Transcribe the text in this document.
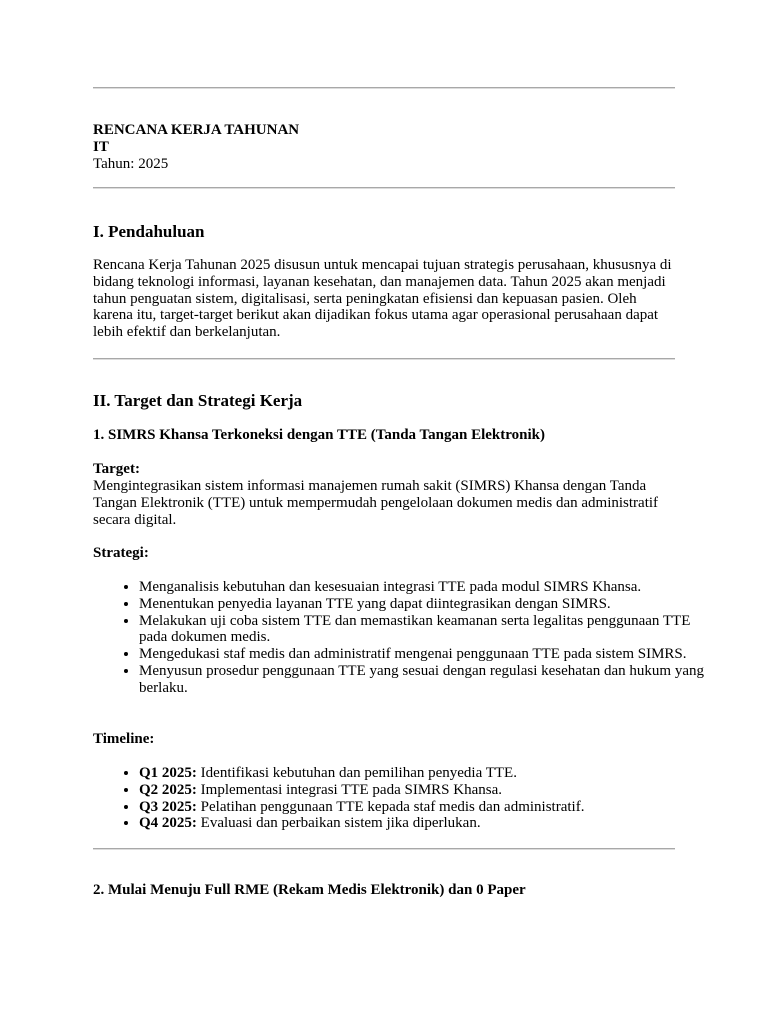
RENCANA KERJA TAHUNAN
IT
Tahun: 2025
I. Pendahuluan

Rencana Kerja Tahunan 2025 disusun untuk mencapai tujuan strategis perusahaan, khususnya di bidang teknologi informasi, layanan kesehatan, dan manajemen data. Tahun 2025 akan menjadi tahun penguatan sistem, digitalisasi, serta peningkatan efisiensi dan kepuasan pasien. Oleh karena itu, target-target berikut akan dijadikan fokus utama agar operasional perusahaan dapat lebih efektif dan berkelanjutan.

II. Target dan Strategi Kerja
1. SIMRS Khansa Terkoneksi dengan TTE (Tanda Tangan Elektronik)
Target:

Mengintegrasikan sistem informasi manajemen rumah sakit (SIMRS) Khansa dengan Tanda Tangan Elektronik (TTE) untuk mempermudah pengelolaan dokumen medis dan administratif secara digital.

Strategi:
• Menganalisis kebutuhan dan kesesuaian integrasi TTE pada modul SIMRS Khansa.
• Menentukan penyedia layanan TTE yang dapat diintegrasikan dengan SIMRS.
• Melakukan uji coba sistem TTE dan memastikan keamanan serta legalitas penggunaan TTE pada dokumen medis.
• Mengedukasi staf medis dan administratif mengenai penggunaan TTE pada sistem SIMRS.
• Menyusun prosedur penggunaan TTE yang sesuai dengan regulasi kesehatan dan hukum yang berlaku.
Timeline:
• Q1 2025: Identifikasi kebutuhan dan pemilihan penyedia TTE.
• Q2 2025: Implementasi integrasi TTE pada SIMRS Khansa.
• Q3 2025: Pelatihan penggunaan TTE kepada staf medis dan administratif.
• Q4 2025: Evaluasi dan perbaikan sistem jika diperlukan.
2. Mulai Menuju Full RME (Rekam Medis Elektronik) dan 0 Paper
